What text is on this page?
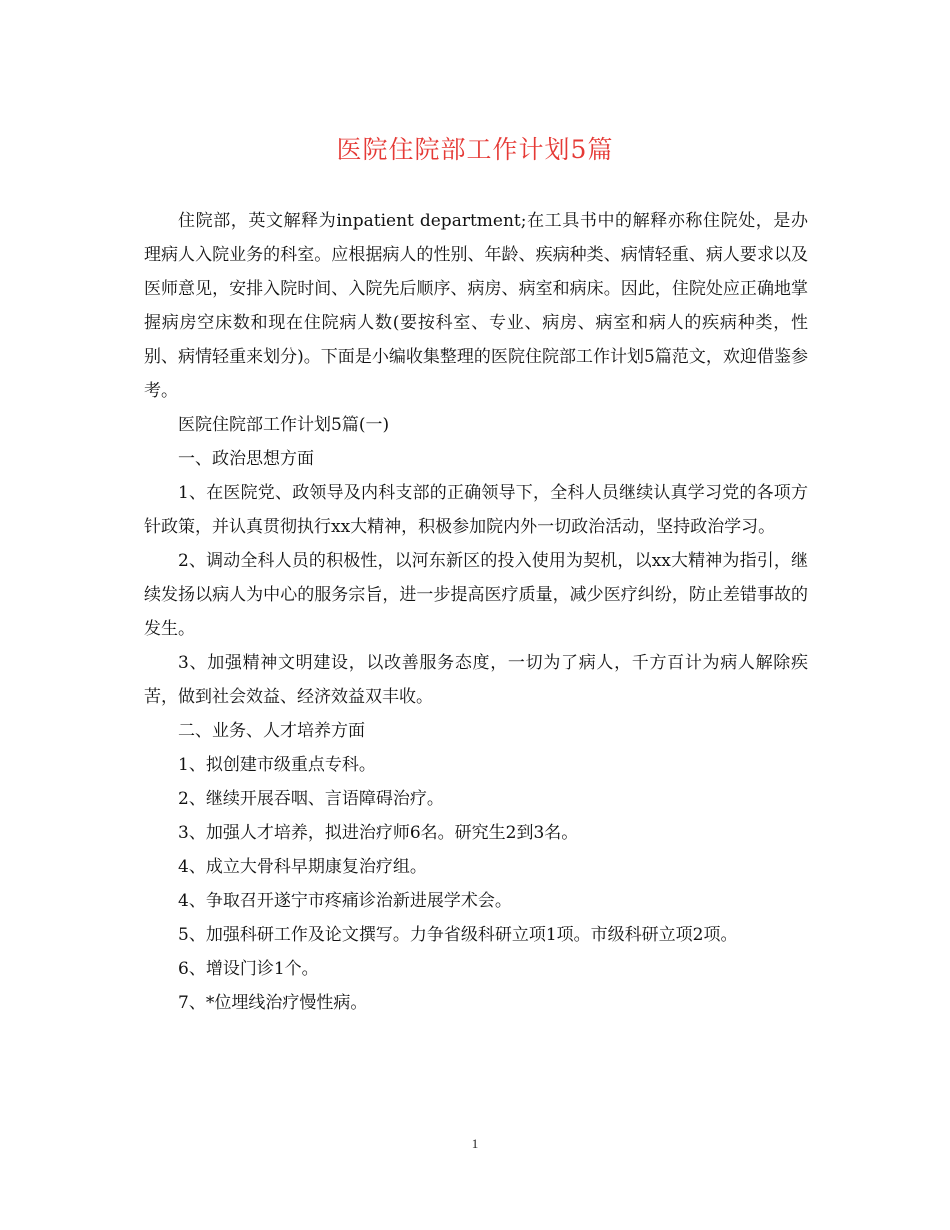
医院住院部工作计划5篇

住院部，英文解释为inpatient department;在工具书中的解释亦称住院处，是办理病人入院业务的科室。应根据病人的性别、年龄、疾病种类、病情轻重、病人要求以及医师意见，安排入院时间、入院先后顺序、病房、病室和病床。因此，住院处应正确地掌握病房空床数和现在住院病人数(要按科室、专业、病房、病室和病人的疾病种类，性别、病情轻重来划分)。下面是小编收集整理的医院住院部工作计划5篇范文，欢迎借鉴参考。

医院住院部工作计划5篇(一)

一、政治思想方面

1、在医院党、政领导及内科支部的正确领导下，全科人员继续认真学习党的各项方针政策，并认真贯彻执行xx大精神，积极参加院内外一切政治活动，坚持政治学习。

2、调动全科人员的积极性，以河东新区的投入使用为契机，以xx大精神为指引，继续发扬以病人为中心的服务宗旨，进一步提高医疗质量，减少医疗纠纷，防止差错事故的发生。

3、加强精神文明建设，以改善服务态度，一切为了病人，千方百计为病人解除疾苦，做到社会效益、经济效益双丰收。

二、业务、人才培养方面

1、拟创建市级重点专科。

2、继续开展吞咽、言语障碍治疗。

3、加强人才培养，拟进治疗师6名。研究生2到3名。

4、成立大骨科早期康复治疗组。

4、争取召开遂宁市疼痛诊治新进展学术会。

5、加强科研工作及论文撰写。力争省级科研立项1项。市级科研立项2项。

6、增设门诊1个。

7、*位埋线治疗慢性病。

1
